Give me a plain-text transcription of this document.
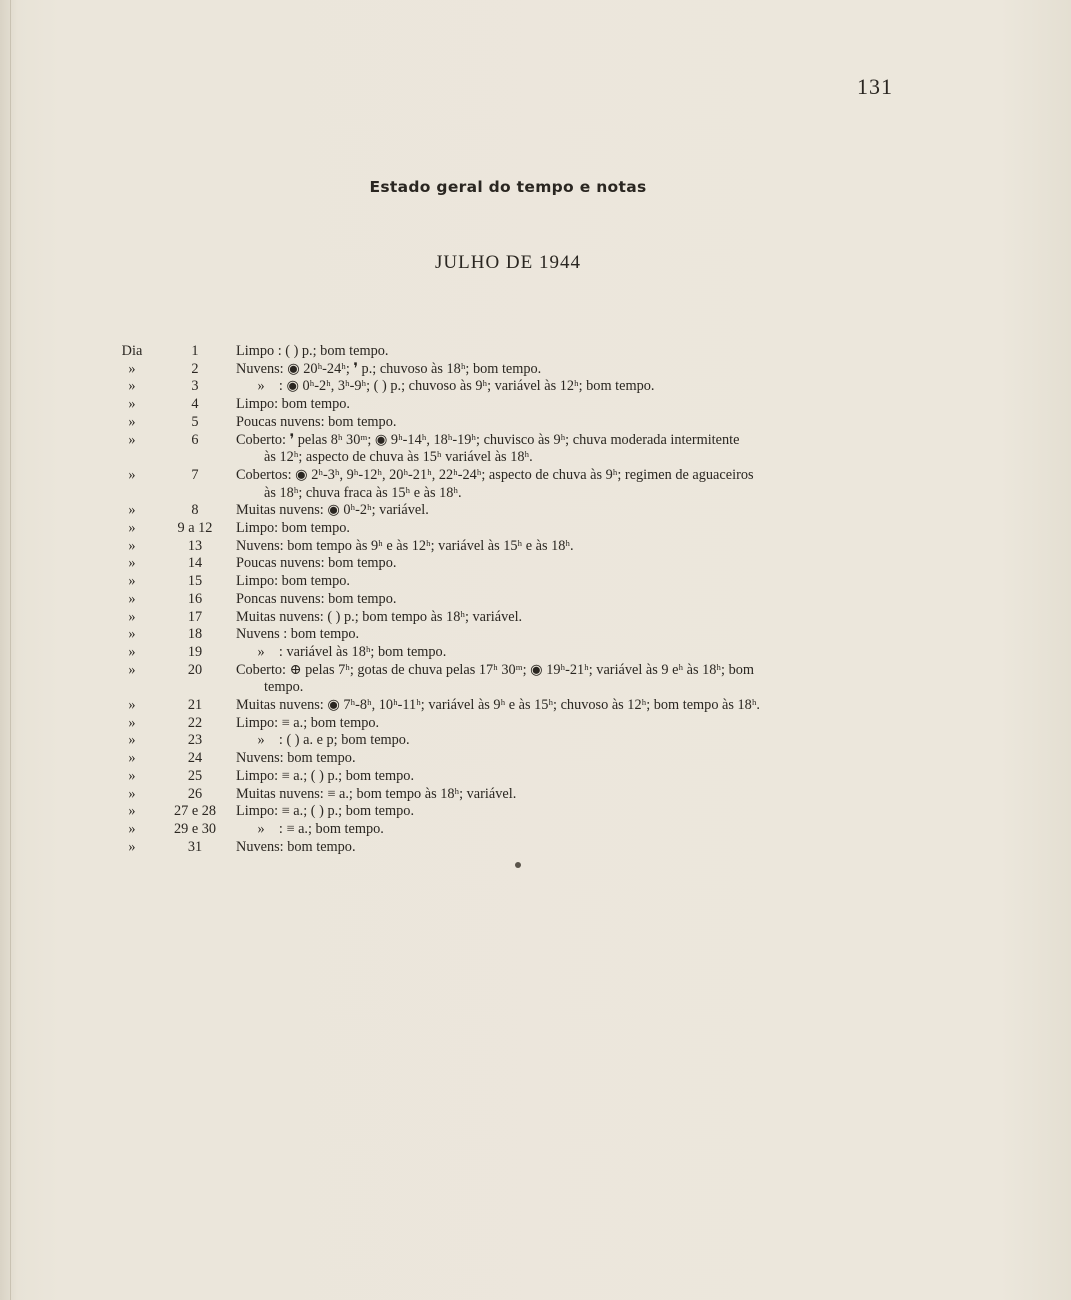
131
Estado geral do tempo e notas
JULHO DE 1944
Dia	1	Limpo : ( ) p.; bom tempo.
»	2	Nuvens: ◉ 20ʰ-24ʰ; ❜ p.; chuvoso às 18ʰ; bom tempo.
»	3	»    : ◉ 0ʰ-2ʰ, 3ʰ-9ʰ; ( ) p.; chuvoso às 9ʰ; variável às 12ʰ; bom tempo.
»	4	Limpo: bom tempo.
»	5	Poucas nuvens: bom tempo.
»	6	Coberto: ❜ pelas 8ʰ 30ᵐ; ◉ 9ʰ-14ʰ, 18ʰ-19ʰ; chuvisco às 9ʰ; chuva moderada intermitente
às 12ʰ; aspecto de chuva às 15ʰ variável às 18ʰ.
»	7	Cobertos: ◉ 2ʰ-3ʰ, 9ʰ-12ʰ, 20ʰ-21ʰ, 22ʰ-24ʰ; aspecto de chuva às 9ʰ; regimen de aguaceiros
às 18ʰ; chuva fraca às 15ʰ e às 18ʰ.
»	8	Muitas nuvens: ◉ 0ʰ-2ʰ; variável.
»	9 a 12	Limpo: bom tempo.
»	13	Nuvens: bom tempo às 9ʰ e às 12ʰ; variável às 15ʰ e às 18ʰ.
»	14	Poucas nuvens: bom tempo.
»	15	Limpo: bom tempo.
»	16	Poncas nuvens: bom tempo.
»	17	Muitas nuvens: ( ) p.; bom tempo às 18ʰ; variável.
»	18	Nuvens : bom tempo.
»	19	»    : variável às 18ʰ; bom tempo.
»	20	Coberto: ⊕ pelas 7ʰ; gotas de chuva pelas 17ʰ 30ᵐ; ◉ 19ʰ-21ʰ; variável às 9 eʰ às 18ʰ; bom
tempo.
»	21	Muitas nuvens: ◉ 7ʰ-8ʰ, 10ʰ-11ʰ; variável às 9ʰ e às 15ʰ; chuvoso às 12ʰ; bom tempo às 18ʰ.
»	22	Limpo: ≡ a.; bom tempo.
»	23	»    : ( ) a. e p; bom tempo.
»	24	Nuvens: bom tempo.
»	25	Limpo: ≡ a.; ( ) p.; bom tempo.
»	26	Muitas nuvens: ≡ a.; bom tempo às 18ʰ; variável.
»	27 e 28	Limpo: ≡ a.; ( ) p.; bom tempo.
»	29 e 30	»    : ≡ a.; bom tempo.
»	31	Nuvens: bom tempo.
